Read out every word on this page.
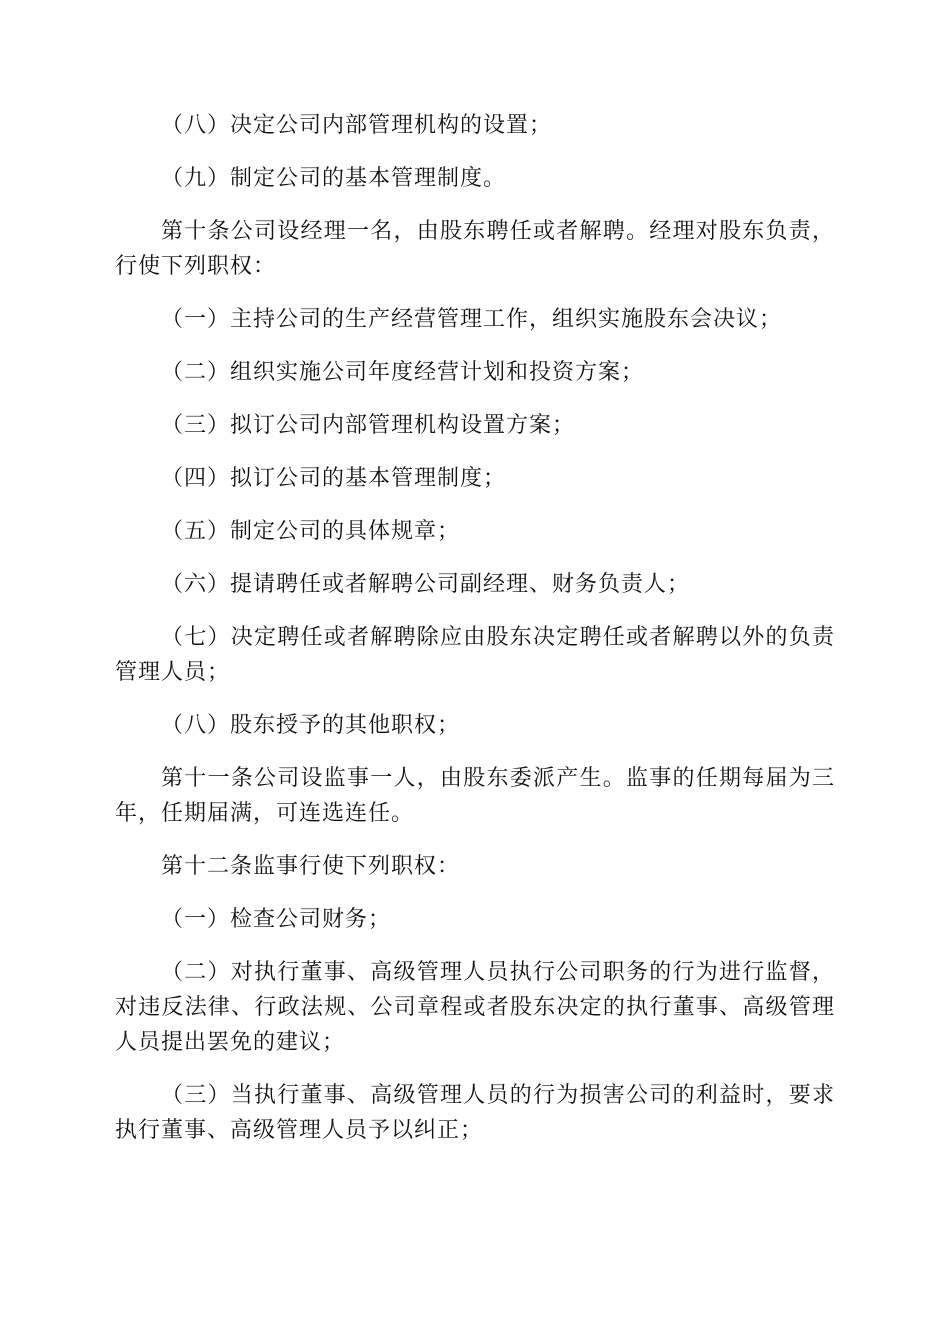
（八）决定公司内部管理机构的设置；

（九）制定公司的基本管理制度。

第十条公司设经理一名，由股东聘任或者解聘。经理对股东负责，行使下列职权：

（一）主持公司的生产经营管理工作，组织实施股东会决议；

（二）组织实施公司年度经营计划和投资方案；

（三）拟订公司内部管理机构设置方案；

（四）拟订公司的基本管理制度；

（五）制定公司的具体规章；

（六）提请聘任或者解聘公司副经理、财务负责人；

（七）决定聘任或者解聘除应由股东决定聘任或者解聘以外的负责管理人员；

（八）股东授予的其他职权；

第十一条公司设监事一人，由股东委派产生。监事的任期每届为三年，任期届满，可连选连任。

第十二条监事行使下列职权：

（一）检查公司财务；

（二）对执行董事、高级管理人员执行公司职务的行为进行监督，对违反法律、行政法规、公司章程或者股东决定的执行董事、高级管理人员提出罢免的建议；

（三）当执行董事、高级管理人员的行为损害公司的利益时，要求执行董事、高级管理人员予以纠正；
